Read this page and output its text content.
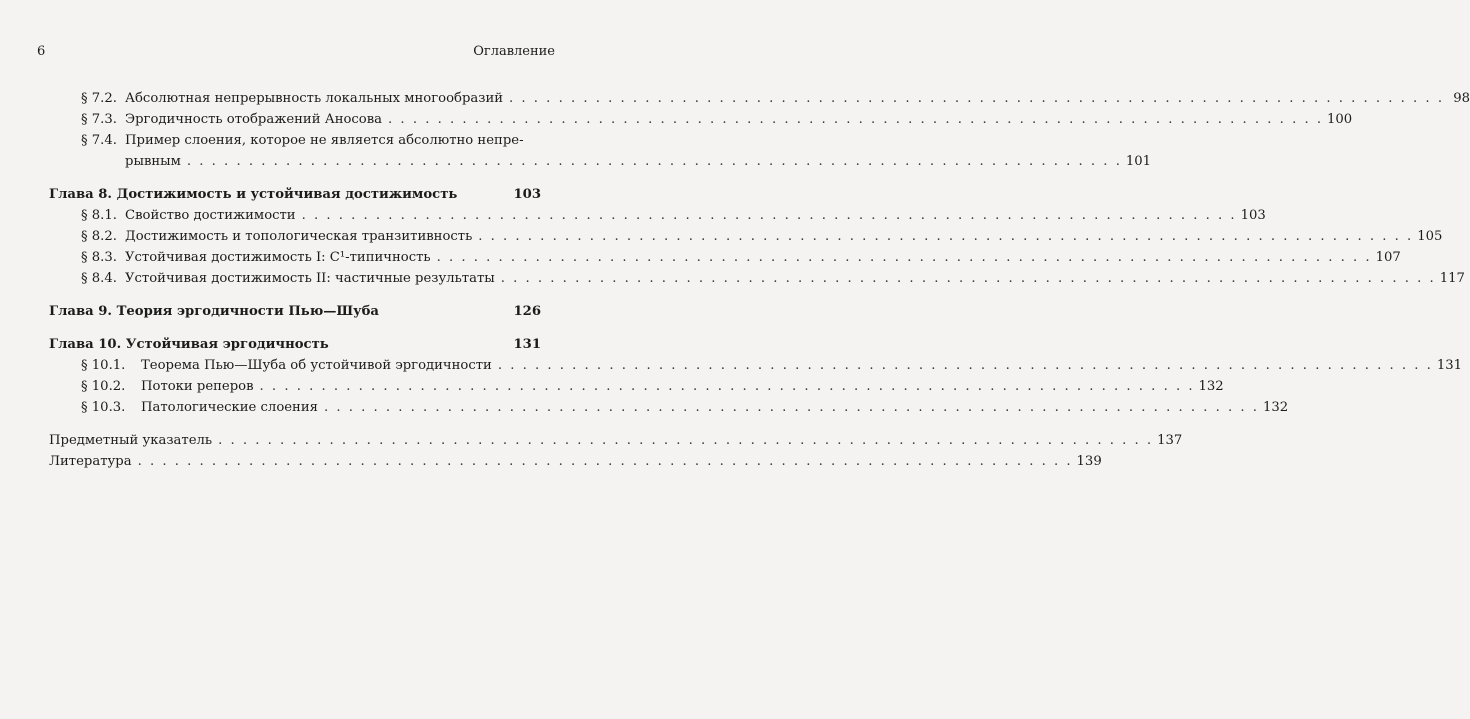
6	Оглавление
§ 7.2. Абсолютная непрерывность локальных многообразий . . .	98
§ 7.3. Эргодичность отображений Аносова . . .	100
§ 7.4. Пример слоения, которое не является абсолютно непре-
рывным . . .	101
Глава 8. Достижимость и устойчивая достижимость	103
§ 8.1. Свойство достижимости . . .	103
§ 8.2. Достижимость и топологическая транзитивность . . .	105
§ 8.3. Устойчивая достижимость I: C¹-типичность . . .	107
§ 8.4. Устойчивая достижимость II: частичные результаты . . .	117
Глава 9. Теория эргодичности Пью—Шуба	126
Глава 10. Устойчивая эргодичность	131
§ 10.1.	Теорема Пью—Шуба об устойчивой эргодичности . . .	131
§ 10.2.	Потоки реперов . . .	132
§ 10.3.	Патологические слоения . . .	132
Предметный указатель . . .	137
Литература . . .	139
